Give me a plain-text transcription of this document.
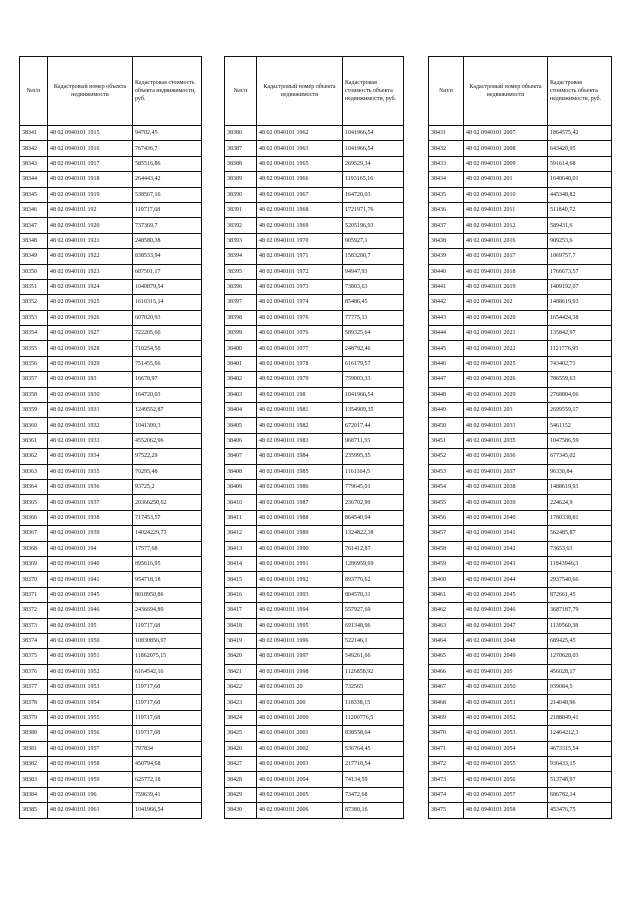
№п/п	Кадастровый номер объекта недвижимости	Кадастровая стоимость объекта недвижимости, руб.
38341	48 02 0940101 1915	94702,45
38342	48 02 0940101 1916	767436,7
38343	48 02 0940101 1917	585516,86
38344	48 02 0940101 1918	264443,42
38345	48 02 0940101 1919	538567,16
38346	48 02 0940101 192	119717,68
38347	48 02 0940101 1920	737369,7
38348	48 02 0940101 1921	248580,38
38349	48 02 0940101 1922	838533,94
38350	48 02 0940101 1923	687501,17
38351	48 02 0940101 1924	1040879,54
38352	48 02 0940101 1925	1610315,14
38353	48 02 0940101 1926	607020,93
38354	48 02 0940101 1927	722205,66
38355	48 02 0940101 1928	710254,56
38356	48 02 0940101 1929	751455,66
38357	48 02 0940101 193	16678,97
38358	48 02 0940101 1930	164720,03
38359	48 02 0940101 1931	1249552,87
38360	48 02 0940101 1932	1041309,3
38361	48 02 0940101 1933	4552062,96
38362	48 02 0940101 1934	97522,29
38363	48 02 0940101 1935	70295,48
38364	48 02 0940101 1936	93725,2
38365	48 02 0940101 1937	20366250,62
38366	48 02 0940101 1938	717453,57
38367	48 02 0940101 1939	14024229,73
38368	48 02 0940101 194	17577,68
38369	48 02 0940101 1940	895616,95
38370	48 02 0940101 1941	954718,18
38371	48 02 0940101 1945	8018950,86
38372	48 02 0940101 1946	2436694,89
38373	48 02 0940101 195	119717,68
38374	48 02 0940101 1950	10830856,97
38375	48 02 0940101 1951	11862075,15
38376	48 02 0940101 1952	6164542,16
38377	48 02 0940101 1953	119717,68
38378	48 02 0940101 1954	119717,68
38379	48 02 0940101 1955	119717,68
38380	48 02 0940101 1956	119717,68
38381	48 02 0940101 1957	797834
38382	48 02 0940101 1958	450794,68
38383	48 02 0940101 1959	625772,18
38384	48 02 0940101 196	759639,41
38385	48 02 0940101 1961	1041966,54
№п/п	Кадастровый номер объекта недвижимости	Кадастровая стоимость объекта недвижимости, руб.
38386	48 02 0940101 1962	1041966,54
38387	48 02 0940101 1963	1041966,54
38388	48 02 0940101 1965	269529,34
38389	48 02 0940101 1966	1193165,16
38390	48 02 0940101 1967	164720,03
38391	48 02 0940101 1968	1721971,76
38392	48 02 0940101 1969	5205196,93
38393	48 02 0940101 1970	905927,1
38394	48 02 0940101 1971	1583200,7
38395	48 02 0940101 1972	94947,93
38396	48 02 0940101 1973	73803,63
38397	48 02 0940101 1974	85486,45
38398	48 02 0940101 1976	77775,13
38399	48 02 0940101 1976	589325,64
38400	48 02 0940101 1977	248792,46
38401	48 02 0940101 1978	616179,57
38402	48 02 0940101 1979	759003,33
38403	48 02 0940101 198	1041966,54
38404	48 02 0940101 1981	1354909,35
38405	48 02 0940101 1982	672017,44
38406	48 02 0940101 1983	968711,55
38407	48 02 0940101 1984	235995,35
38408	48 02 0940101 1985	1161104,5
38409	48 02 0940101 1986	779645,01
38410	48 02 0940101 1987	236702,99
38411	48 02 0940101 1988	864540,94
38412	48 02 0940101 1989	1324822,38
38413	48 02 0940101 1990	761412,87
38414	48 02 0940101 1991	1286959,69
38415	48 02 0940101 1992	893776,62
38416	48 02 0940101 1993	804570,31
38417	48 02 0940101 1994	557927,69
38418	48 02 0940101 1995	691348,96
38419	48 02 0940101 1996	522146,1
38420	48 02 0940101 1997	549261,66
38421	48 02 0940101 1998	1126858,92
38422	48 02 0940101 20	732565
38423	48 02 0940101 200	118338,15
38424	48 02 0940101 2000	11200776,5
38425	48 02 0940101 2001	838558,64
38426	48 02 0940101 2002	536764,45
38427	48 02 0940101 2003	217718,54
38428	48 02 0940101 2004	74134,59
38429	48 02 0940101 2005	73472,68
38430	48 02 0940101 2006	87380,16
№п/п	Кадастровый номер объекта недвижимости	Кадастровая стоимость объекта недвижимости, руб.
38431	48 02 0940101 2007	1864575,42
38432	48 02 0940101 2008	643420,95
38433	48 02 0940101 2009	591614,68
38434	48 02 0940101 201	1640640,01
38435	48 02 0940101 2010	445348,82
38436	48 02 0940101 2011	511840,72
38437	48 02 0940101 2012	589431,6
38438	48 02 0940101 2016	909253,6
38439	48 02 0940101 2017	1069757,7
38440	48 02 0940101 2018	1766673,57
38441	48 02 0940101 2019	1409192,07
38442	48 02 0940101 202	1488619,93
38443	48 02 0940101 2020	1654424,38
38444	48 02 0940101 2021	135842,97
38445	48 02 0940101 2022	1121776,95
38446	48 02 0940101 2025	743402,71
38447	48 02 0940101 2026	786559,63
38448	48 02 0940101 2029	2768804,06
38449	48 02 0940101 203	2699559,17
38450	48 02 0940101 2031	5461152
38451	48 02 0940101 2035	1047586,59
38452	48 02 0940101 2036	677345,02
38453	48 02 0940101 2037	96330,84
38454	48 02 0940101 2038	1488619,93
38455	48 02 0940101 2039	224624,9
38456	48 02 0940101 2040	1780338,81
38457	48 02 0940101 2041	562485,87
38458	48 02 0940101 2042	73653,63
38459	48 02 0940101 2043	11843946,3
38460	48 02 0940101 2044	2937540,66
38461	48 02 0940101 2045	872661,45
38462	48 02 0940101 2046	3687187,79
38463	48 02 0940101 2047	1139560,38
38464	48 02 0940101 2048	689425,45
38465	48 02 0940101 2049	1270628,03
38466	48 02 0940101 205	456028,17
38467	48 02 0940101 2050	939084,5
38468	48 02 0940101 2051	214048,96
38469	48 02 0940101 2052	2188849,41
38470	48 02 0940101 2053	12464212,3
38471	48 02 0940101 2054	4673315,54
38472	48 02 0940101 2055	936433,15
38473	48 02 0940101 2056	513748,97
38474	48 02 0940101 2057	686782,14
38475	48 02 0940101 2058	453476,75
